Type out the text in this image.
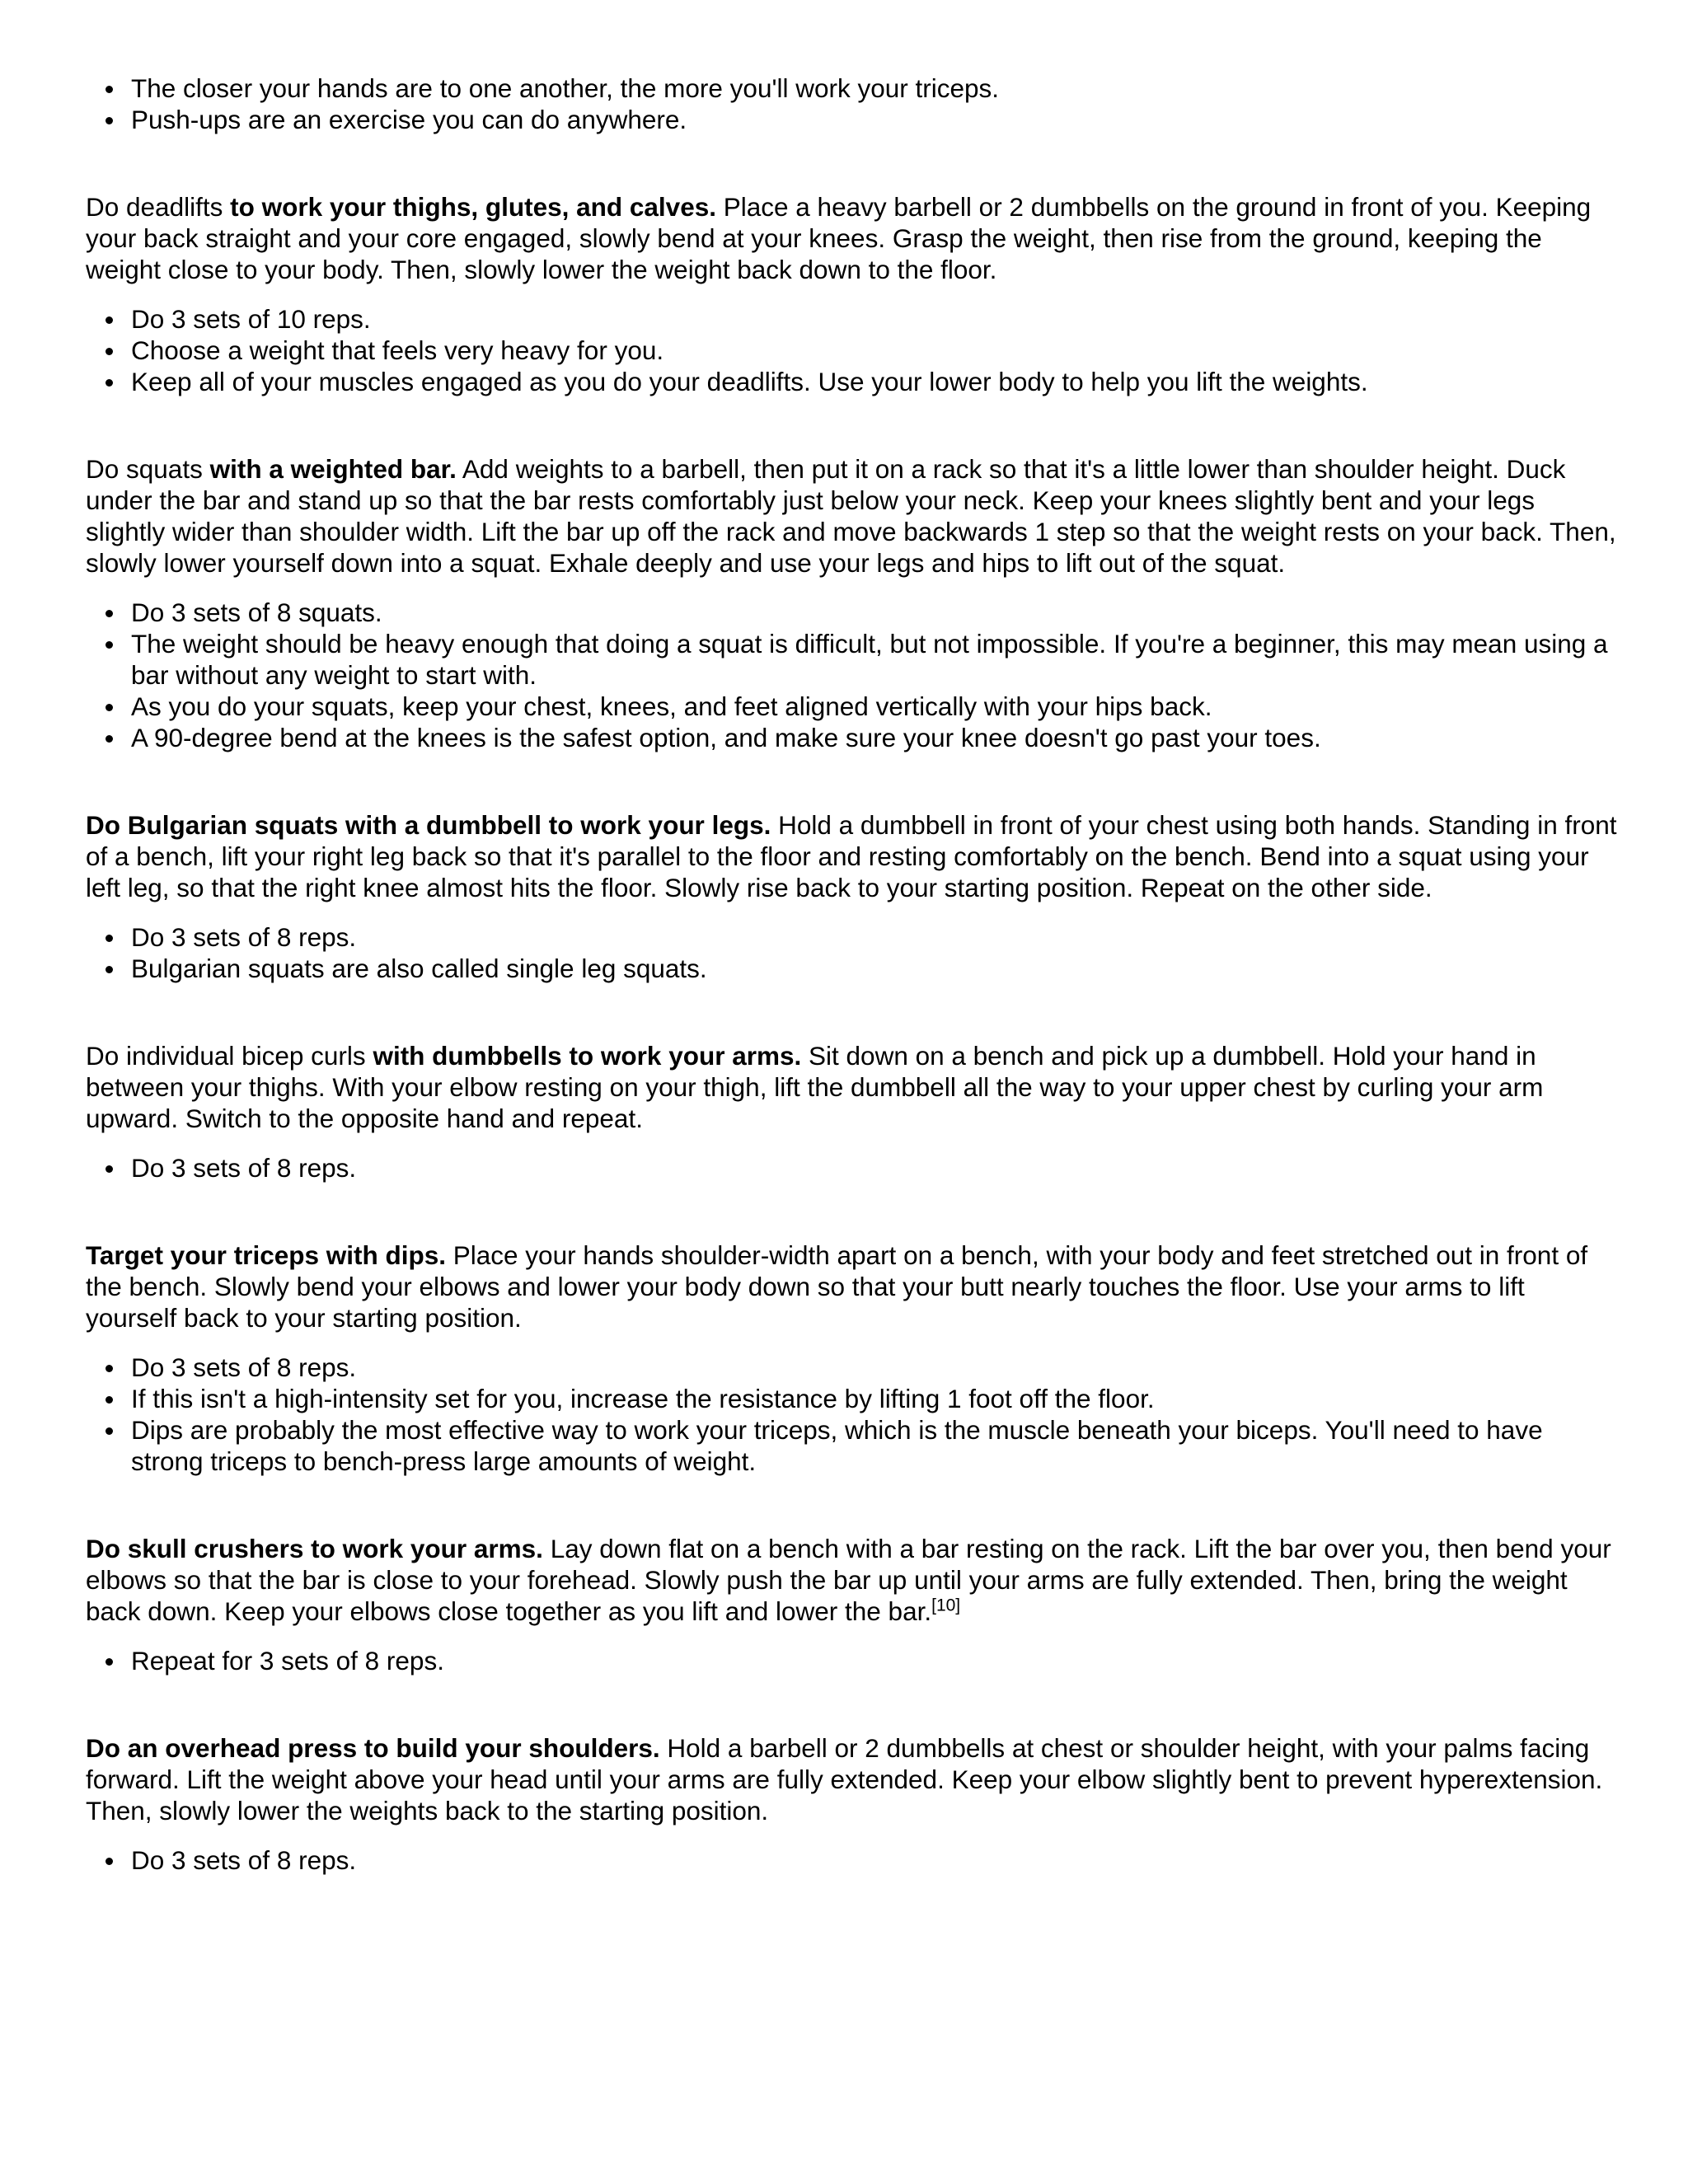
The closer your hands are to one another, the more you'll work your triceps.
Push-ups are an exercise you can do anywhere.

Do deadlifts to work your thighs, glutes, and calves. Place a heavy barbell or 2 dumbbells on the ground in front of you. Keeping your back straight and your core engaged, slowly bend at your knees. Grasp the weight, then rise from the ground, keeping the weight close to your body. Then, slowly lower the weight back down to the floor.

Do 3 sets of 10 reps.
Choose a weight that feels very heavy for you.
Keep all of your muscles engaged as you do your deadlifts. Use your lower body to help you lift the weights.

Do squats with a weighted bar. Add weights to a barbell, then put it on a rack so that it's a little lower than shoulder height. Duck under the bar and stand up so that the bar rests comfortably just below your neck. Keep your knees slightly bent and your legs slightly wider than shoulder width. Lift the bar up off the rack and move backwards 1 step so that the weight rests on your back. Then, slowly lower yourself down into a squat. Exhale deeply and use your legs and hips to lift out of the squat.

Do 3 sets of 8 squats.
The weight should be heavy enough that doing a squat is difficult, but not impossible. If you're a beginner, this may mean using a bar without any weight to start with.
As you do your squats, keep your chest, knees, and feet aligned vertically with your hips back.
A 90-degree bend at the knees is the safest option, and make sure your knee doesn't go past your toes.

Do Bulgarian squats with a dumbbell to work your legs. Hold a dumbbell in front of your chest using both hands. Standing in front of a bench, lift your right leg back so that it's parallel to the floor and resting comfortably on the bench. Bend into a squat using your left leg, so that the right knee almost hits the floor. Slowly rise back to your starting position. Repeat on the other side.

Do 3 sets of 8 reps.
Bulgarian squats are also called single leg squats.

Do individual bicep curls with dumbbells to work your arms. Sit down on a bench and pick up a dumbbell. Hold your hand in between your thighs. With your elbow resting on your thigh, lift the dumbbell all the way to your upper chest by curling your arm upward. Switch to the opposite hand and repeat.

Do 3 sets of 8 reps.

Target your triceps with dips. Place your hands shoulder-width apart on a bench, with your body and feet stretched out in front of the bench. Slowly bend your elbows and lower your body down so that your butt nearly touches the floor. Use your arms to lift yourself back to your starting position.

Do 3 sets of 8 reps.
If this isn't a high-intensity set for you, increase the resistance by lifting 1 foot off the floor.
Dips are probably the most effective way to work your triceps, which is the muscle beneath your biceps. You'll need to have strong triceps to bench-press large amounts of weight.

Do skull crushers to work your arms. Lay down flat on a bench with a bar resting on the rack. Lift the bar over you, then bend your elbows so that the bar is close to your forehead. Slowly push the bar up until your arms are fully extended. Then, bring the weight back down. Keep your elbows close together as you lift and lower the bar.[10]

Repeat for 3 sets of 8 reps.

Do an overhead press to build your shoulders. Hold a barbell or 2 dumbbells at chest or shoulder height, with your palms facing forward. Lift the weight above your head until your arms are fully extended. Keep your elbow slightly bent to prevent hyperextension. Then, slowly lower the weights back to the starting position.

Do 3 sets of 8 reps.
